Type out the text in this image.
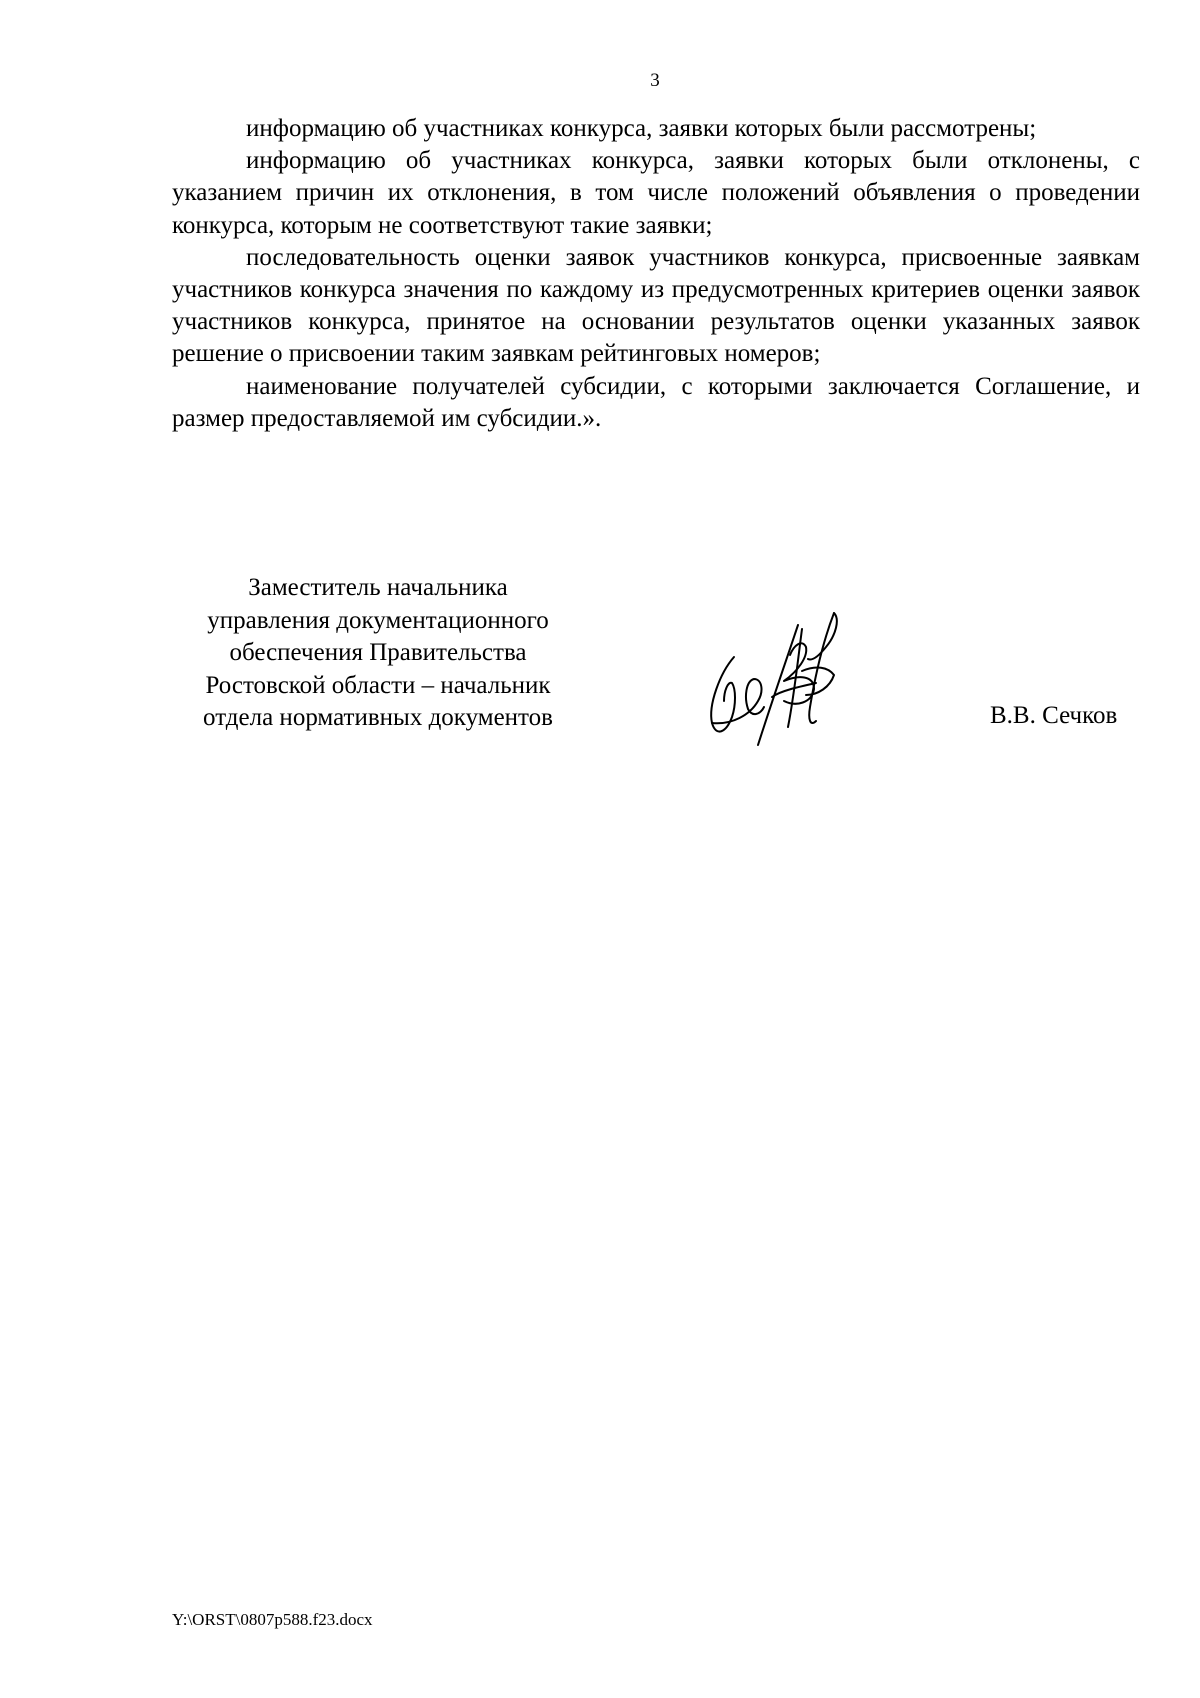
3

информацию об участниках конкурса, заявки которых были рассмотрены;

информацию об участниках конкурса, заявки которых были отклонены, с указанием причин их отклонения, в том числе положений объявления о проведении конкурса, которым не соответствуют такие заявки;

последовательность оценки заявок участников конкурса, присвоенные заявкам участников конкурса значения по каждому из предусмотренных критериев оценки заявок участников конкурса, принятое на основании результатов оценки указанных заявок решение о присвоении таким заявкам рейтинговых номеров;

наименование получателей субсидии, с которыми заключается Соглашение, и размер предоставляемой им субсидии.».

Заместитель начальника
управления документационного
обеспечения Правительства
Ростовской области – начальник
отдела нормативных документов	В.В. Сечков
Y:\ORST\0807p588.f23.docx
